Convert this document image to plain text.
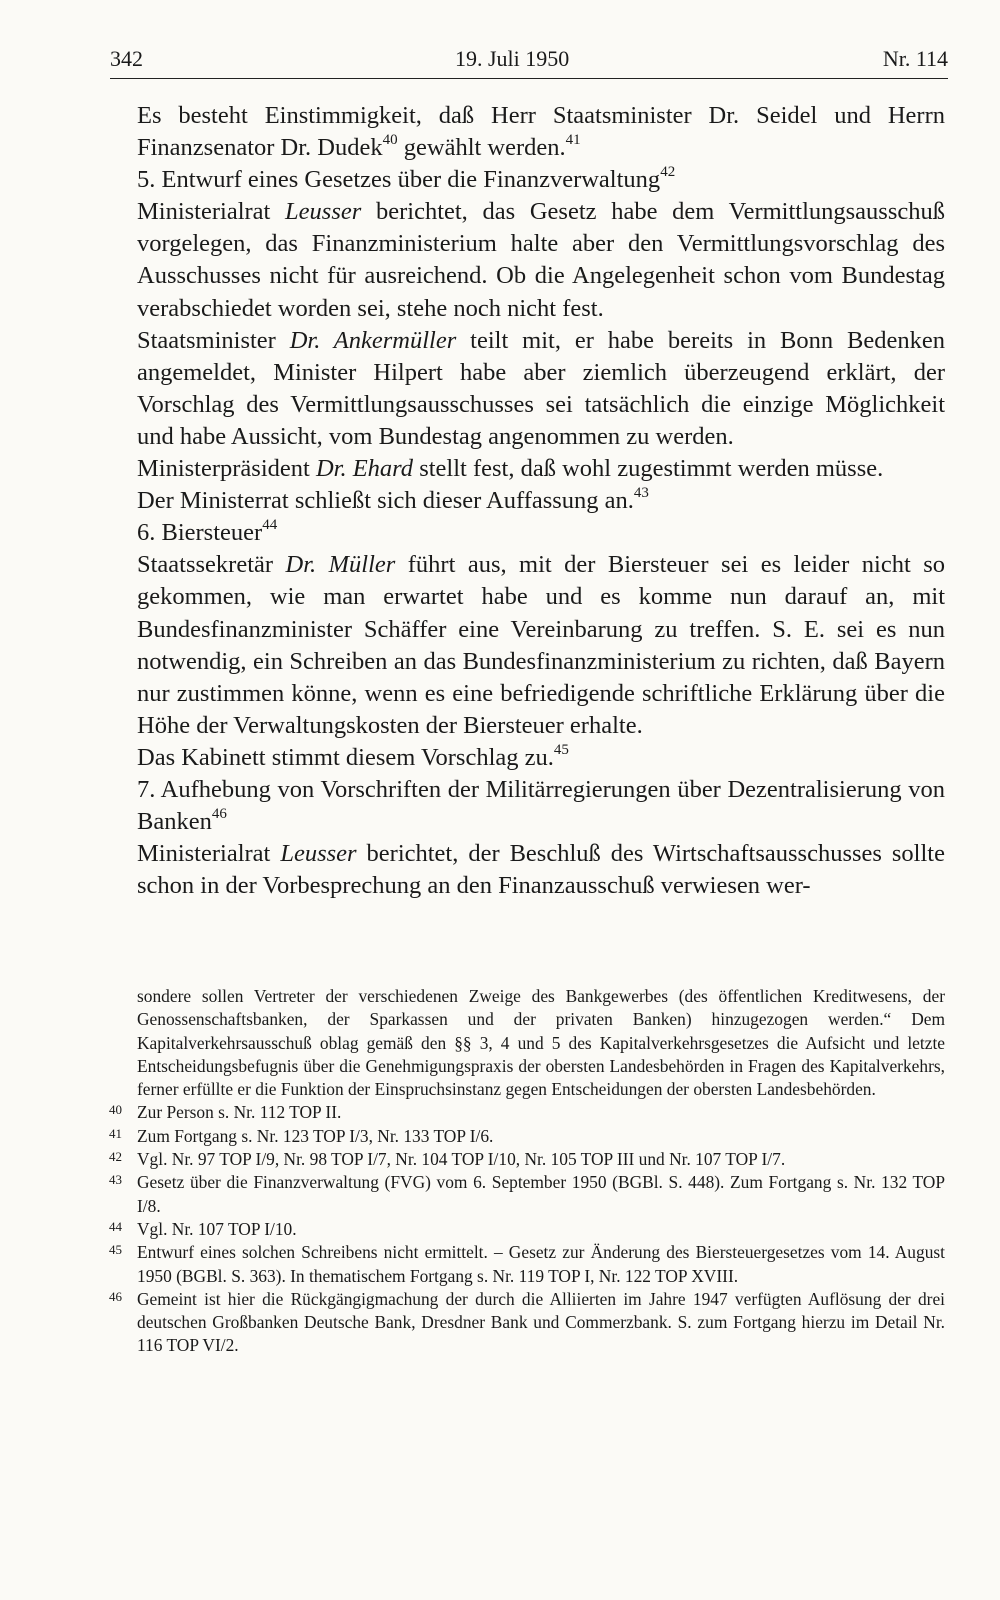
342	19. Juli 1950	Nr. 114

Es besteht Einstimmigkeit, daß Herr Staatsminister Dr. Seidel und Herrn Finanzsenator Dr. Dudek$^{40}$ gewählt werden.$^{41}$

5. Entwurf eines Gesetzes über die Finanzverwaltung$^{42}$

Ministerialrat Leusser berichtet, das Gesetz habe dem Vermittlungsausschuß vorgelegen, das Finanzministerium halte aber den Vermittlungsvorschlag des Ausschusses nicht für ausreichend. Ob die Angelegenheit schon vom Bundestag verabschiedet worden sei, stehe noch nicht fest.

Staatsminister Dr. Ankermüller teilt mit, er habe bereits in Bonn Bedenken angemeldet, Minister Hilpert habe aber ziemlich überzeugend erklärt, der Vorschlag des Vermittlungsausschusses sei tatsächlich die einzige Möglichkeit und habe Aussicht, vom Bundestag angenommen zu werden.

Ministerpräsident Dr. Ehard stellt fest, daß wohl zugestimmt werden müsse.

Der Ministerrat schließt sich dieser Auffassung an.$^{43}$

6. Biersteuer$^{44}$

Staatssekretär Dr. Müller führt aus, mit der Biersteuer sei es leider nicht so gekommen, wie man erwartet habe und es komme nun darauf an, mit Bundesfinanzminister Schäffer eine Vereinbarung zu treffen. S. E. sei es nun notwendig, ein Schreiben an das Bundesfinanzministerium zu richten, daß Bayern nur zustimmen könne, wenn es eine befriedigende schriftliche Erklärung über die Höhe der Verwaltungskosten der Biersteuer erhalte.

Das Kabinett stimmt diesem Vorschlag zu.$^{45}$

7. Aufhebung von Vorschriften der Militärregierungen über Dezentralisierung von Banken$^{46}$

Ministerialrat Leusser berichtet, der Beschluß des Wirtschaftsausschusses sollte schon in der Vorbesprechung an den Finanzausschuß verwiesen wer-

sondere sollen Vertreter der verschiedenen Zweige des Bankgewerbes (des öffentlichen Kreditwesens, der Genossenschaftsbanken, der Sparkassen und der privaten Banken) hinzugezogen werden.“ Dem Kapitalverkehrsausschuß oblag gemäß den §§ 3, 4 und 5 des Kapitalverkehrsgesetzes die Aufsicht und letzte Entscheidungsbefugnis über die Genehmigungspraxis der obersten Landesbehörden in Fragen des Kapitalverkehrs, ferner erfüllte er die Funktion der Einspruchsinstanz gegen Entscheidungen der obersten Landesbehörden.

40 Zur Person s. Nr. 112 TOP II.
41 Zum Fortgang s. Nr. 123 TOP I/3, Nr. 133 TOP I/6.
42 Vgl. Nr. 97 TOP I/9, Nr. 98 TOP I/7, Nr. 104 TOP I/10, Nr. 105 TOP III und Nr. 107 TOP I/7.
43 Gesetz über die Finanzverwaltung (FVG) vom 6. September 1950 (BGBl. S. 448). Zum Fortgang s. Nr. 132 TOP I/8.
44 Vgl. Nr. 107 TOP I/10.
45 Entwurf eines solchen Schreibens nicht ermittelt. – Gesetz zur Änderung des Biersteuergesetzes vom 14. August 1950 (BGBl. S. 363). In thematischem Fortgang s. Nr. 119 TOP I, Nr. 122 TOP XVIII.
46 Gemeint ist hier die Rückgängigmachung der durch die Alliierten im Jahre 1947 verfügten Auflösung der drei deutschen Großbanken Deutsche Bank, Dresdner Bank und Commerzbank. S. zum Fortgang hierzu im Detail Nr. 116 TOP VI/2.
